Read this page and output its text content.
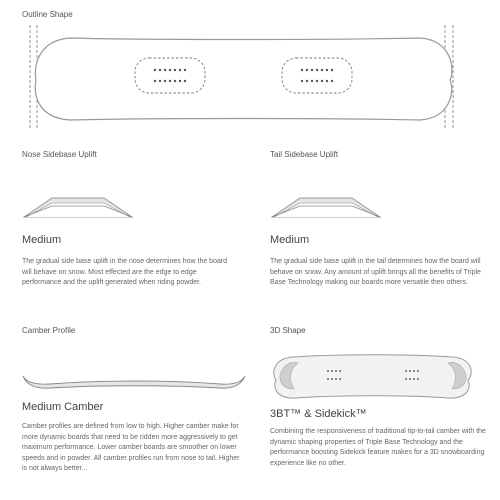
Outline Shape
Nose Sidebase Uplift
Medium

The gradual side base uplift in the nose determines how the board will behave on snow. Most effected are the edge to edge performance and the uplift generated when riding powder.

Tail Sidebase Uplift
Medium

The gradual side base uplift in the tail determines how the board will behave on snow. Any amount of uplift brings all the benefits of Triple Base Technology making our boards more versatile then others.

Camber Profile
Medium Camber

Camber profiles are defined from low to high. Higher camber make for more dynamic boards that need to be ridden more aggressively to get maximum performance. Lower camber boards are smoother on lower speeds and in powder. All camber profiles run from nose to tail. Higher is not always better...

3D Shape
3BT™ & Sidekick™

Combining the responsiveness of traditional tip-to-tail camber with the dynamic shaping properties of Triple Base Technology and the performance boosting Sidekick feature makes for a 3D snowboarding experience like no other.
